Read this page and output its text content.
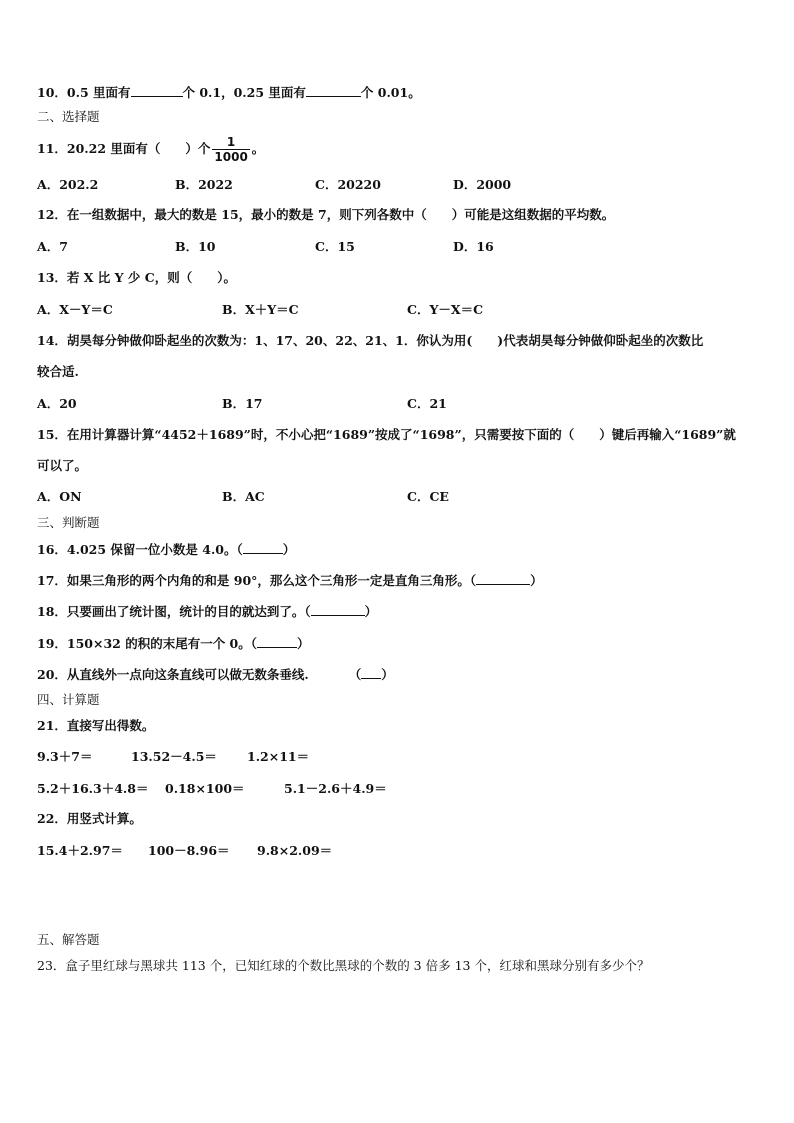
10．0.5 里面有	个 0.1，0.25 里面有	个 0.01。
二、选择题
11．20.22 里面有（　　）个 $\frac{1}{1000}$ 。
A．202.2	B．2022	C．20220	D．2000
12．在一组数据中，最大的数是 15，最小的数是 7，则下列各数中（　　）可能是这组数据的平均数。
A．7	B．10	C．15	D．16
13．若 X 比 Y 少 C，则（　　）。
A．X－Y＝C	B．X＋Y＝C	C．Y－X＝C
14．胡昊每分钟做仰卧起坐的次数为：1、17、20、22、21、1．你认为用(　　)代表胡昊每分钟做仰卧起坐的次数比
较合适.
A．20	B．17	C．21
15．在用计算器计算“4452＋1689”时，不小心把“1689”按成了“1698”，只需要按下面的（　　）键后再输入“1689”就
可以了。
A．ON	B．AC	C．CE
三、判断题
16．4.025 保留一位小数是 4.0。（	）
17．如果三角形的两个内角的和是 90°，那么这个三角形一定是直角三角形。（	）
18．只要画出了统计图，统计的目的就达到了。（	）
19．150×32 的积的末尾有一个 0。（	）
20．从直线外一点向这条直线可以做无数条垂线.	（ ）
四、计算题
21．直接写出得数。
9.3＋7＝	13.52－4.5＝ 1.2×11＝
5.2＋16.3＋4.8＝ 0.18×100＝	5.1－2.6＋4.9＝
22．用竖式计算。
15.4＋2.97＝ 100－8.96＝ 9.8×2.09＝
五、解答题
23．盒子里红球与黑球共 113 个，已知红球的个数比黑球的个数的 3 倍多 13 个，红球和黑球分别有多少个？
